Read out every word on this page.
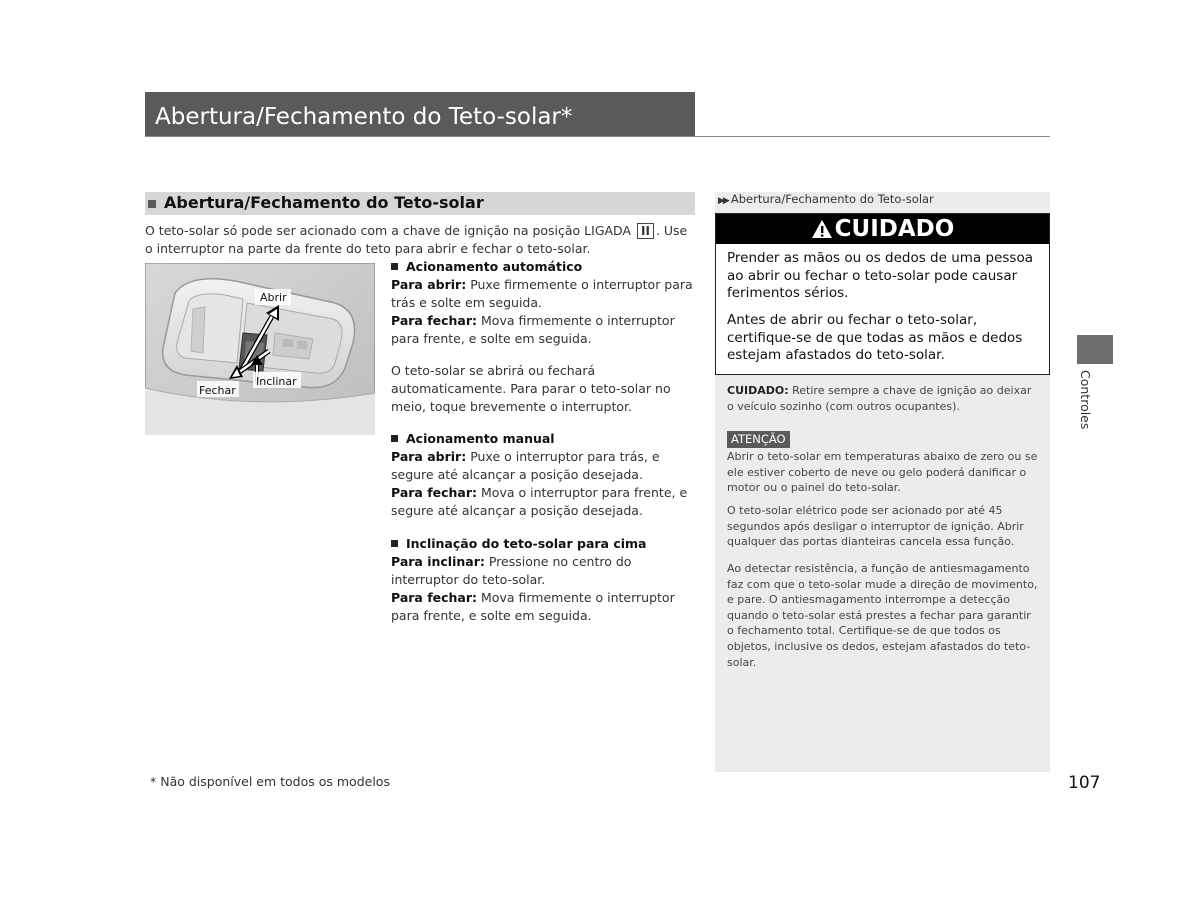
Abertura/Fechamento do Teto-solar*
Abertura/Fechamento do Teto-solar
O teto-solar só pode ser acionado com a chave de ignição na posição LIGADA II . Use o interruptor na parte da frente do teto para abrir e fechar o teto-solar.
Abrir
Inclinar
Fechar
Acionamento automático
Para abrir: Puxe firmemente o interruptor para trás e solte em seguida.
Para fechar: Mova firmemente o interruptor para frente, e solte em seguida.
O teto-solar se abrirá ou fechará automaticamente. Para parar o teto-solar no meio, toque brevemente o interruptor.
Acionamento manual
Para abrir: Puxe o interruptor para trás, e segure até alcançar a posição desejada.
Para fechar: Mova o interruptor para frente, e segure até alcançar a posição desejada.
Inclinação do teto-solar para cima
Para inclinar: Pressione no centro do interruptor do teto-solar.
Para fechar: Mova firmemente o interruptor para frente, e solte em seguida.
* Não disponível em todos os modelos
▶▶ Abertura/Fechamento do Teto-solar
CUIDADO
Prender as mãos ou os dedos de uma pessoa ao abrir ou fechar o teto-solar pode causar ferimentos sérios.
Antes de abrir ou fechar o teto-solar, certifique-se de que todas as mãos e dedos estejam afastados do teto-solar.
CUIDADO: Retire sempre a chave de ignição ao deixar o veículo sozinho (com outros ocupantes).
ATENÇÃO
Abrir o teto-solar em temperaturas abaixo de zero ou se ele estiver coberto de neve ou gelo poderá danificar o motor ou o painel do teto-solar.
O teto-solar elétrico pode ser acionado por até 45 segundos após desligar o interruptor de ignição. Abrir qualquer das portas dianteiras cancela essa função.
Ao detectar resistência, a função de antiesmagamento faz com que o teto-solar mude a direção de movimento, e pare. O antiesmagamento interrompe a detecção quando o teto-solar está prestes a fechar para garantir o fechamento total. Certifique-se de que todos os objetos, inclusive os dedos, estejam afastados do teto-solar.
Controles
107
